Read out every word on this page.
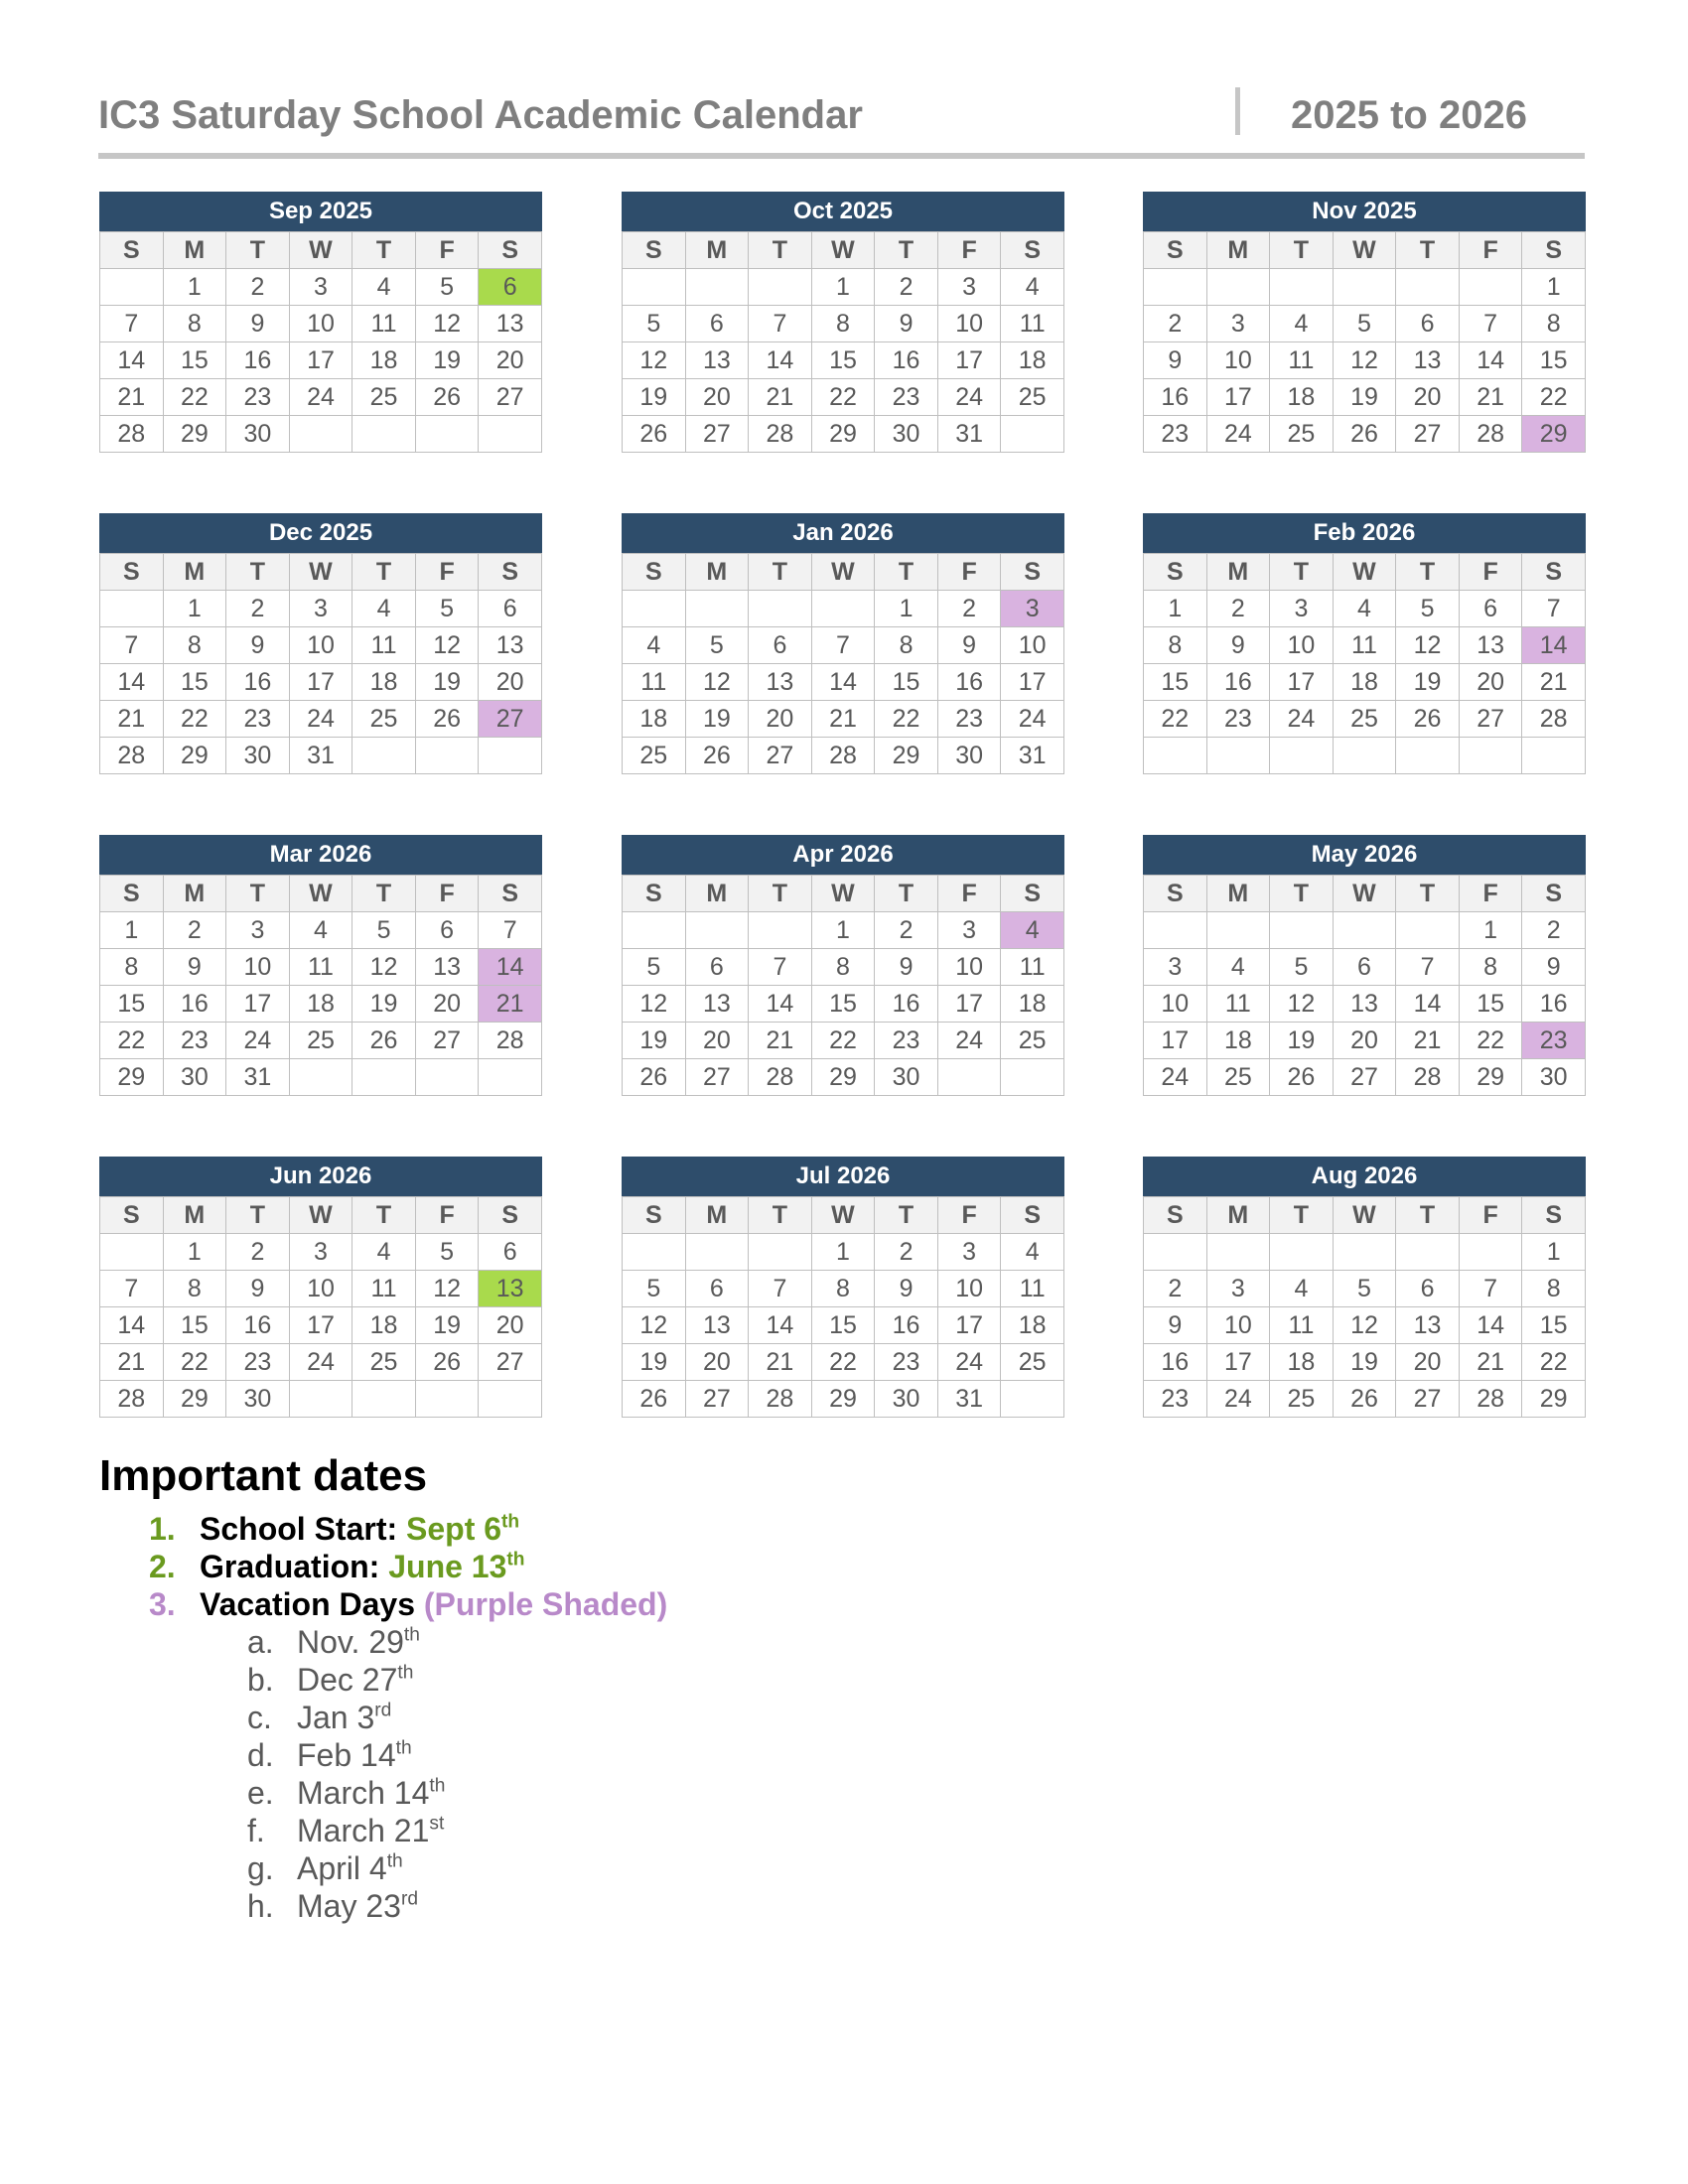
IC3 Saturday School Academic Calendar	2025 to 2026
Sep 2025
S	M	T	W	T	F	S
	1	2	3	4	5	6
7	8	9	10	11	12	13
14	15	16	17	18	19	20
21	22	23	24	25	26	27
28	29	30				
Oct 2025
S	M	T	W	T	F	S
			1	2	3	4
5	6	7	8	9	10	11
12	13	14	15	16	17	18
19	20	21	22	23	24	25
26	27	28	29	30	31	
Nov 2025
S	M	T	W	T	F	S
						1
2	3	4	5	6	7	8
9	10	11	12	13	14	15
16	17	18	19	20	21	22
23	24	25	26	27	28	29
Dec 2025
S	M	T	W	T	F	S
	1	2	3	4	5	6
7	8	9	10	11	12	13
14	15	16	17	18	19	20
21	22	23	24	25	26	27
28	29	30	31			
Jan 2026
S	M	T	W	T	F	S
				1	2	3
4	5	6	7	8	9	10
11	12	13	14	15	16	17
18	19	20	21	22	23	24
25	26	27	28	29	30	31
Feb 2026
S	M	T	W	T	F	S
1	2	3	4	5	6	7
8	9	10	11	12	13	14
15	16	17	18	19	20	21
22	23	24	25	26	27	28

Mar 2026
S	M	T	W	T	F	S
1	2	3	4	5	6	7
8	9	10	11	12	13	14
15	16	17	18	19	20	21
22	23	24	25	26	27	28
29	30	31				
Apr 2026
S	M	T	W	T	F	S
			1	2	3	4
5	6	7	8	9	10	11
12	13	14	15	16	17	18
19	20	21	22	23	24	25
26	27	28	29	30		
May 2026
S	M	T	W	T	F	S
					1	2
3	4	5	6	7	8	9
10	11	12	13	14	15	16
17	18	19	20	21	22	23
24	25	26	27	28	29	30
Jun 2026
S	M	T	W	T	F	S
	1	2	3	4	5	6
7	8	9	10	11	12	13
14	15	16	17	18	19	20
21	22	23	24	25	26	27
28	29	30				
Jul 2026
S	M	T	W	T	F	S
			1	2	3	4
5	6	7	8	9	10	11
12	13	14	15	16	17	18
19	20	21	22	23	24	25
26	27	28	29	30	31	
Aug 2026
S	M	T	W	T	F	S
						1
2	3	4	5	6	7	8
9	10	11	12	13	14	15
16	17	18	19	20	21	22
23	24	25	26	27	28	29
Important dates
1. School Start: Sept 6th
2. Graduation: June 13th
3. Vacation Days (Purple Shaded)
a. Nov. 29th
b. Dec 27th
c. Jan 3rd
d. Feb 14th
e. March 14th
f. March 21st
g. April 4th
h. May 23rd
